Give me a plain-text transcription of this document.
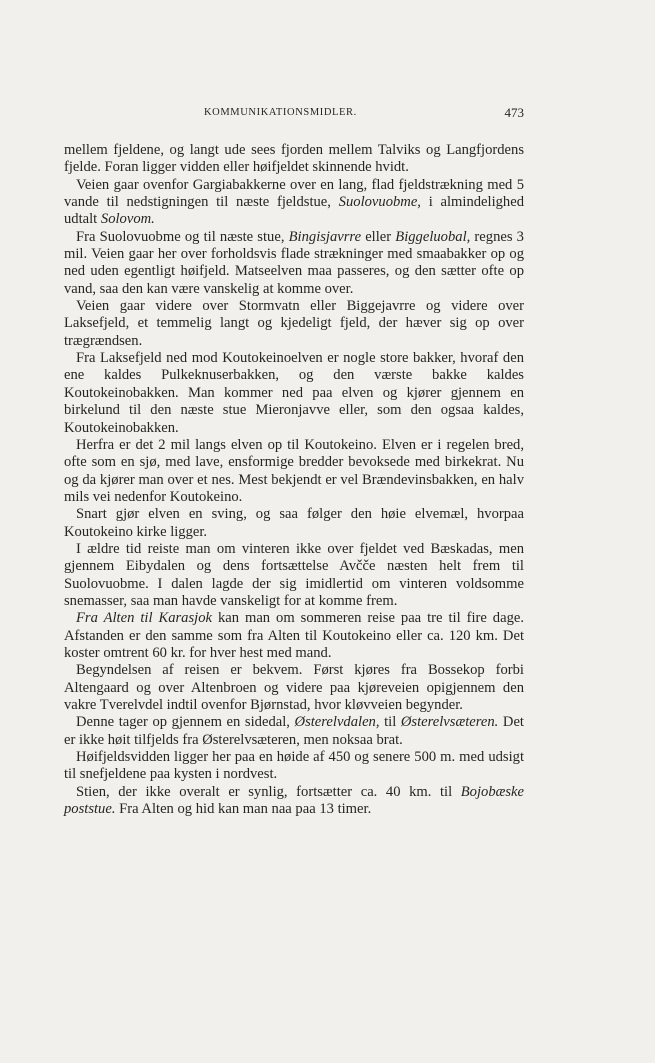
KOMMUNIKATIONSMIDLER.	473

mellem fjeldene, og langt ude sees fjorden mellem Talviks og Langfjordens fjelde. Foran ligger vidden eller høifjeldet skinnende hvidt.

Veien gaar ovenfor Gargiabakkerne over en lang, flad fjeldstrækning med 5 vande til nedstigningen til næste fjeldstue, Suolovuobme, i almindelighed udtalt Solovom.

Fra Suolovuobme og til næste stue, Bingisjavrre eller Biggeluobal, regnes 3 mil. Veien gaar her over forholdsvis flade strækninger med smaabakker op og ned uden egentligt høifjeld. Matseelven maa passeres, og den sætter ofte op vand, saa den kan være vanskelig at komme over.

Veien gaar videre over Stormvatn eller Biggejavrre og videre over Laksefjeld, et temmelig langt og kjedeligt fjeld, der hæver sig op over trægrændsen.

Fra Laksefjeld ned mod Koutokeinoelven er nogle store bakker, hvoraf den ene kaldes Pulkeknuserbakken, og den værste bakke kaldes Koutokeinobakken. Man kommer ned paa elven og kjører gjennem en birkelund til den næste stue Mieronjavve eller, som den ogsaa kaldes, Koutokeinobakken.

Herfra er det 2 mil langs elven op til Koutokeino. Elven er i regelen bred, ofte som en sjø, med lave, ensformige bredder bevoksede med birkekrat. Nu og da kjører man over et nes. Mest bekjendt er vel Brændevinsbakken, en halv mils vei nedenfor Koutokeino.

Snart gjør elven en sving, og saa følger den høie elvemæl, hvorpaa Koutokeino kirke ligger.

I ældre tid reiste man om vinteren ikke over fjeldet ved Bæskadas, men gjennem Eibydalen og dens fortsættelse Avčče næsten helt frem til Suolovuobme. I dalen lagde der sig imidlertid om vinteren voldsomme snemasser, saa man havde vanskeligt for at komme frem.

Fra Alten til Karasjok kan man om sommeren reise paa tre til fire dage. Afstanden er den samme som fra Alten til Koutokeino eller ca. 120 km. Det koster omtrent 60 kr. for hver hest med mand.

Begyndelsen af reisen er bekvem. Først kjøres fra Bossekop forbi Altengaard og over Altenbroen og videre paa kjøreveien opigjennem den vakre Tverelvdel indtil ovenfor Bjørnstad, hvor kløvveien begynder.

Denne tager op gjennem en sidedal, Østerelvdalen, til Østerelvsæteren. Det er ikke høit tilfjelds fra Østerelvsæteren, men noksaa brat.

Høifjeldsvidden ligger her paa en høide af 450 og senere 500 m. med udsigt til snefjeldene paa kysten i nordvest.

Stien, der ikke overalt er synlig, fortsætter ca. 40 km. til Bojobæske poststue. Fra Alten og hid kan man naa paa 13 timer.
